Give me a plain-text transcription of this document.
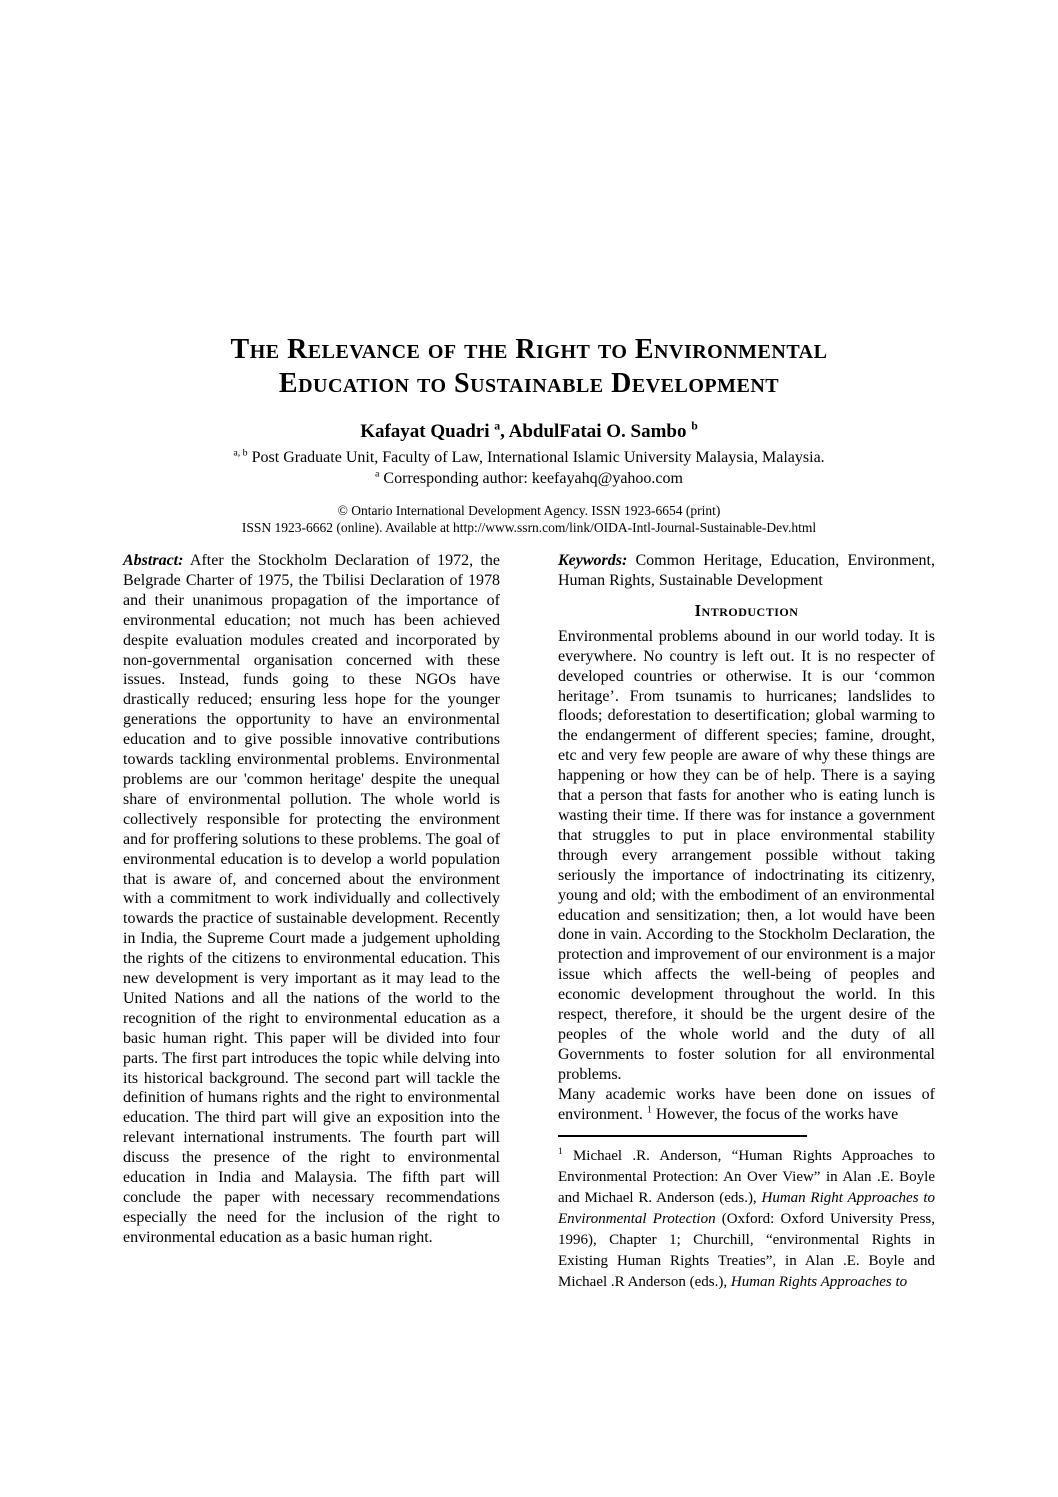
The Relevance of the Right to Environmental
Education to Sustainable Development
Kafayat Quadri $^a$, AbdulFatai O. Sambo $^b$
$^{a, b}$ Post Graduate Unit, Faculty of Law, International Islamic University Malaysia, Malaysia.
$^a$ Corresponding author: keefayahq@yahoo.com
© Ontario International Development Agency. ISSN 1923-6654 (print)
ISSN 1923-6662 (online). Available at http://www.ssrn.com/link/OIDA-Intl-Journal-Sustainable-Dev.html

Abstract: After the Stockholm Declaration of 1972, the Belgrade Charter of 1975, the Tbilisi Declaration of 1978 and their unanimous propagation of the importance of environmental education; not much has been achieved despite evaluation modules created and incorporated by non-governmental organisation concerned with these issues. Instead, funds going to these NGOs have drastically reduced; ensuring less hope for the younger generations the opportunity to have an environmental education and to give possible innovative contributions towards tackling environmental problems. Environmental problems are our 'common heritage' despite the unequal share of environmental pollution. The whole world is collectively responsible for protecting the environment and for proffering solutions to these problems. The goal of environmental education is to develop a world population that is aware of, and concerned about the environment with a commitment to work individually and collectively towards the practice of sustainable development. Recently in India, the Supreme Court made a judgement upholding the rights of the citizens to environmental education. This new development is very important as it may lead to the United Nations and all the nations of the world to the recognition of the right to environmental education as a basic human right. This paper will be divided into four parts. The first part introduces the topic while delving into its historical background. The second part will tackle the definition of humans rights and the right to environmental education. The third part will give an exposition into the relevant international instruments. The fourth part will discuss the presence of the right to environmental education in India and Malaysia. The fifth part will conclude the paper with necessary recommendations especially the need for the inclusion of the right to environmental education as a basic human right.

Keywords: Common Heritage, Education, Environment, Human Rights, Sustainable Development

Introduction

Environmental problems abound in our world today. It is everywhere. No country is left out. It is no respecter of developed countries or otherwise. It is our ‘common heritage’. From tsunamis to hurricanes; landslides to floods; deforestation to desertification; global warming to the endangerment of different species; famine, drought, etc and very few people are aware of why these things are happening or how they can be of help. There is a saying that a person that fasts for another who is eating lunch is wasting their time. If there was for instance a government that struggles to put in place environmental stability through every arrangement possible without taking seriously the importance of indoctrinating its citizenry, young and old; with the embodiment of an environmental education and sensitization; then, a lot would have been done in vain. According to the Stockholm Declaration, the protection and improvement of our environment is a major issue which affects the well-being of peoples and economic development throughout the world. In this respect, therefore, it should be the urgent desire of the peoples of the whole world and the duty of all Governments to foster solution for all environmental problems.

Many academic works have been done on issues of environment. $^1$ However, the focus of the works have

$^1$ Michael .R. Anderson, “Human Rights Approaches to Environmental Protection: An Over View” in Alan .E. Boyle and Michael R. Anderson (eds.), Human Right Approaches to Environmental Protection (Oxford: Oxford University Press, 1996), Chapter 1; Churchill, “environmental Rights in Existing Human Rights Treaties”, in Alan .E. Boyle and Michael .R Anderson (eds.), Human Rights Approaches to
